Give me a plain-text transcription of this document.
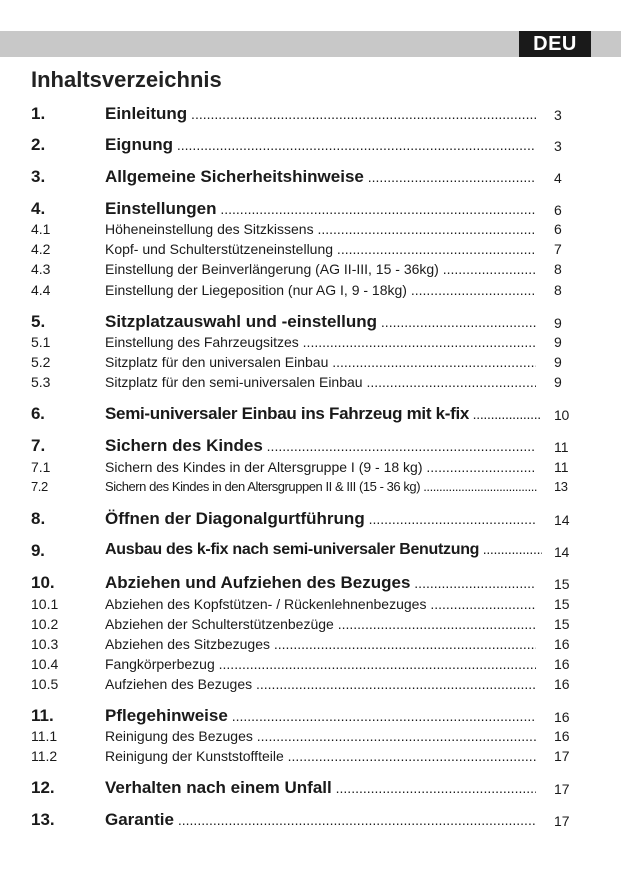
DEU
Inhaltsverzeichnis
1.	Einleitung .....	3
2.	Eignung .....	3
3.	Allgemeine Sicherheitshinweise .....	4
4.	Einstellungen .....	6
4.1	Höheneinstellung des Sitzkissens .....	6
4.2	Kopf- und Schulterstützeneinstellung .....	7
4.3	Einstellung der Beinverlängerung (AG II-III, 15 - 36kg) .....	8
4.4	Einstellung der Liegeposition (nur AG I, 9 - 18kg) .....	8
5.	Sitzplatzauswahl und -einstellung .....	9
5.1	Einstellung des Fahrzeugsitzes .....	9
5.2	Sitzplatz für den universalen Einbau .....	9
5.3	Sitzplatz für den semi-universalen Einbau .....	9
6.	Semi-universaler Einbau ins Fahrzeug mit k-fix .....	10
7.	Sichern des Kindes .....	11
7.1	Sichern des Kindes in der Altersgruppe I (9 - 18 kg) .....	11
7.2	Sichern des Kindes in den Altersgruppen II & III (15 - 36 kg) .....	13
8.	Öffnen der Diagonalgurtführung .....	14
9.	Ausbau des k-fix nach semi-universaler Benutzung .....	14
10.	Abziehen und Aufziehen des Bezuges .....	15
10.1	Abziehen des Kopfstützen- / Rückenlehnenbezuges .....	15
10.2	Abziehen der Schulterstützenbezüge .....	15
10.3	Abziehen des Sitzbezuges .....	16
10.4	Fangkörperbezug .....	16
10.5	Aufziehen des Bezuges .....	16
11.	Pflegehinweise .....	16
11.1	Reinigung des Bezuges .....	16
11.2	Reinigung der Kunststoffteile .....	17
12.	Verhalten nach einem Unfall .....	17
13.	Garantie .....	17
